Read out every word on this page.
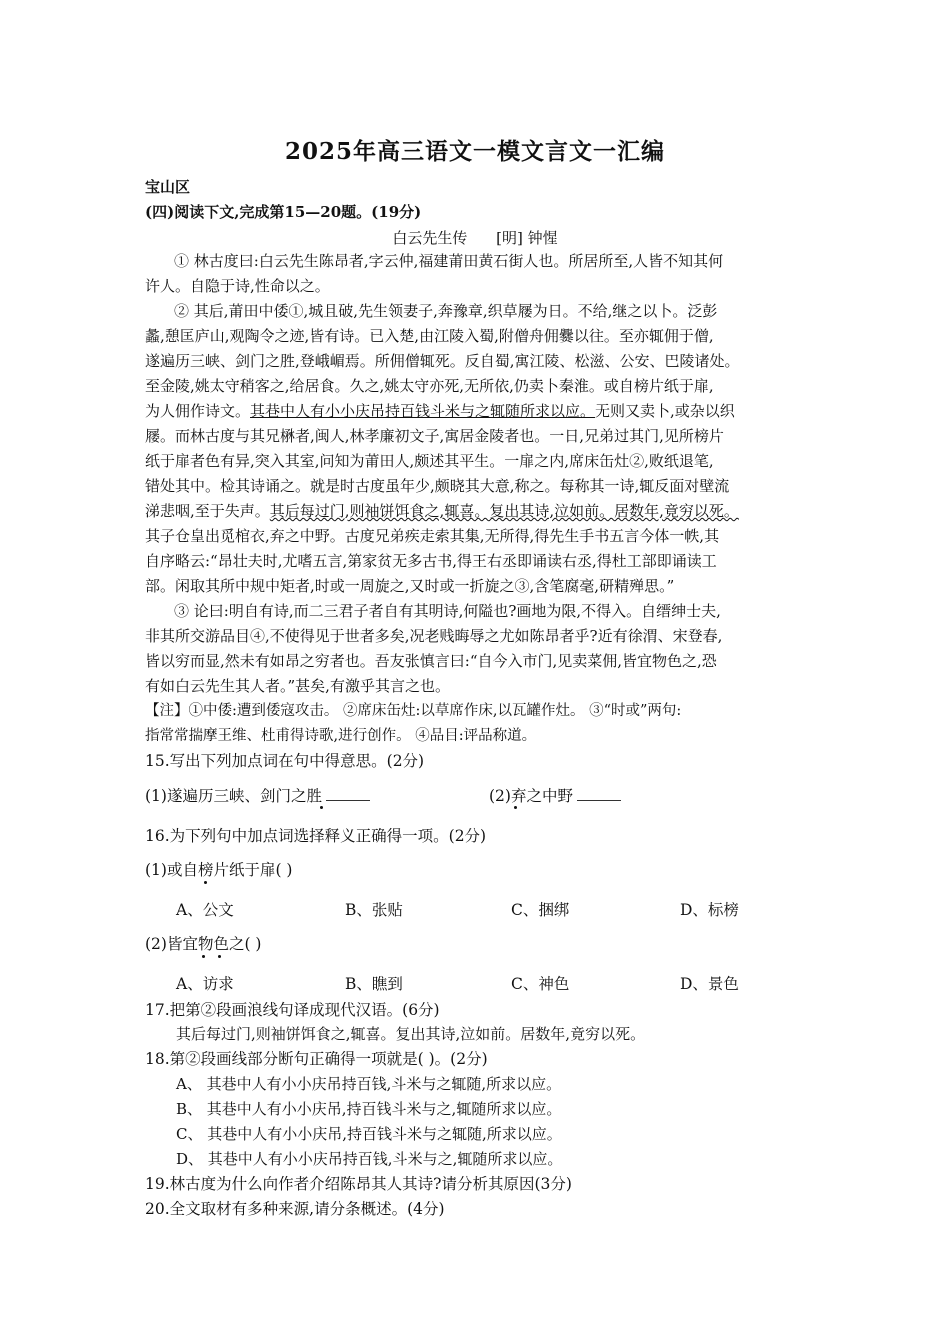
2025年高三语文一模文言文一汇编
宝山区
(四)阅读下文,完成第15—20题。(19分)
白云先生传 [明] 钟惺
① 林古度曰:白云先生陈昂者,字云仲,福建莆田黄石街人也。所居所至,人皆不知其何
许人。自隐于诗,性命以之。
② 其后,莆田中倭①,城且破,先生领妻子,奔豫章,织草屦为日。不给,继之以卜。泛彭
蠡,憩匡庐山,观陶令之迹,皆有诗。已入楚,由江陵入蜀,附僧舟佣爨以往。至亦辄佣于僧,
遂遍历三峡、剑门之胜,登峨嵋焉。所佣僧辄死。反自蜀,寓江陵、松滋、公安、巴陵诸处。
至金陵,姚太守稍客之,给居食。久之,姚太守亦死,无所依,仍卖卜秦淮。或自榜片纸于扉,
为人佣作诗文。其巷中人有小小庆吊持百钱斗米与之辄随所求以应。无则又卖卜,或杂以织
屦。而林古度与其兄楙者,闽人,林孝廉初文子,寓居金陵者也。一日,兄弟过其门,见所榜片
纸于扉者色有异,突入其室,问知为莆田人,颇述其平生。一扉之内,席床缶灶②,败纸退笔,
错处其中。检其诗诵之。就是时古度虽年少,颇晓其大意,称之。每称其一诗,辄反面对壁流
涕悲咽,至于失声。其后每过门,则袖饼饵食之,辄喜。复出其诗,泣如前。居数年,竟穷以死。
其子仓皇出觅棺衣,弃之中野。古度兄弟疾走索其集,无所得,得先生手书五言今体一帙,其
自序略云:“昂壮夫时,尤嗜五言,第家贫无多古书,得王右丞即诵读右丞,得杜工部即诵读工
部。闲取其所中规中矩者,时或一周旋之,又时或一折旋之③,含笔腐毫,研精殚思。”
③ 论曰:明自有诗,而二三君子者自有其明诗,何隘也?画地为限,不得入。自缙绅士夫,
非其所交游品目④,不使得见于世者多矣,况老贱晦辱之尤如陈昂者乎?近有徐渭、宋登春,
皆以穷而显,然未有如昂之穷者也。吾友张慎言曰:“自今入市门,见卖菜佣,皆宜物色之,恐
有如白云先生其人者。”甚矣,有激乎其言之也。
【注】①中倭:遭到倭寇攻击。 ②席床缶灶:以草席作床,以瓦罐作灶。 ③“时或”两句:
指常常揣摩王维、杜甫得诗歌,进行创作。 ④品目:评品称道。
15.写出下列加点词在句中得意思。(2分)
(1)遂遍历三峡、剑门之胜	(2)弃之中野
16.为下列句中加点词选择释义正确得一项。(2分)
(1)或自榜片纸于扉( )
A、公文	B、张贴	C、捆绑	D、标榜
(2)皆宜物色之( )
A、访求	B、瞧到	C、神色	D、景色
17.把第②段画浪线句译成现代汉语。(6分)
其后每过门,则袖饼饵食之,辄喜。复出其诗,泣如前。居数年,竟穷以死。
18.第②段画线部分断句正确得一项就是( )。(2分)
A、 其巷中人有小小庆吊持百钱,斗米与之辄随,所求以应。
B、 其巷中人有小小庆吊,持百钱斗米与之,辄随所求以应。
C、 其巷中人有小小庆吊,持百钱斗米与之辄随,所求以应。
D、 其巷中人有小小庆吊持百钱,斗米与之,辄随所求以应。
19.林古度为什么向作者介绍陈昂其人其诗?请分析其原因(3分)
20.全文取材有多种来源,请分条概述。(4分)
